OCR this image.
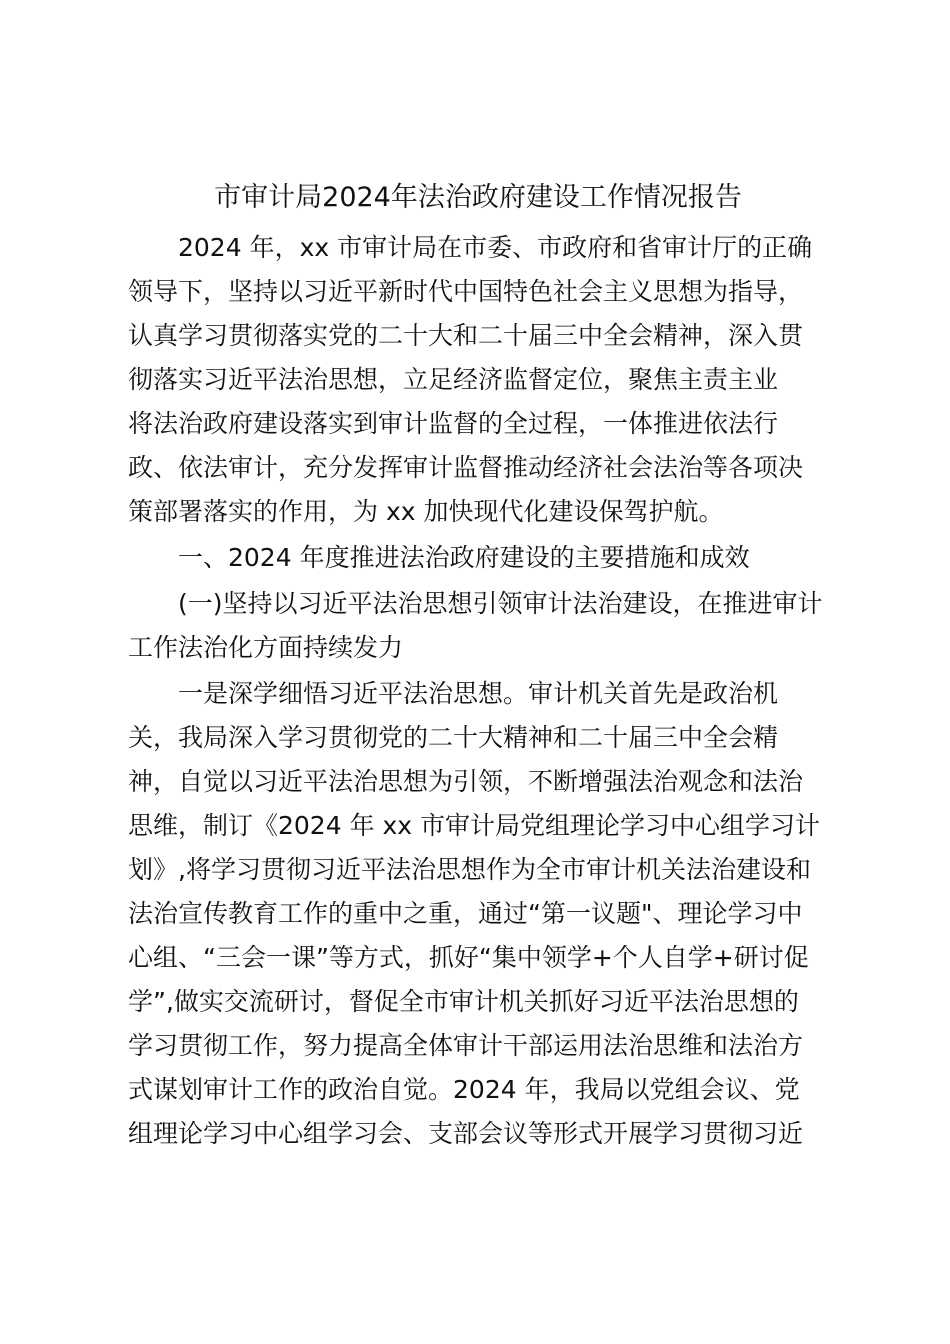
市审计局2024年法治政府建设工作情况报告
2024 年，xx 市审计局在市委、市政府和省审计厅的正确
领导下，坚持以习近平新时代中国特色社会主义思想为指导，
认真学习贯彻落实党的二十大和二十届三中全会精神，深入贯
彻落实习近平法治思想，立足经济监督定位，聚焦主责主业
将法治政府建设落实到审计监督的全过程，一体推进依法行
政、依法审计，充分发挥审计监督推动经济社会法治等各项决
策部署落实的作用，为 xx 加快现代化建设保驾护航。
一、2024 年度推进法治政府建设的主要措施和成效
(一)坚持以习近平法治思想引领审计法治建设，在推进审计
工作法治化方面持续发力
一是深学细悟习近平法治思想。审计机关首先是政治机
关，我局深入学习贯彻党的二十大精神和二十届三中全会精
神，自觉以习近平法治思想为引领，不断增强法治观念和法治
思维，制订《2024 年 xx 市审计局党组理论学习中心组学习计
划》,将学习贯彻习近平法治思想作为全市审计机关法治建设和
法治宣传教育工作的重中之重，通过“第一议题"、理论学习中
心组、“三会一课”等方式，抓好“集中领学+个人自学+研讨促
学”,做实交流研讨，督促全市审计机关抓好习近平法治思想的
学习贯彻工作，努力提高全体审计干部运用法治思维和法治方
式谋划审计工作的政治自觉。2024 年，我局以党组会议、党
组理论学习中心组学习会、支部会议等形式开展学习贯彻习近
